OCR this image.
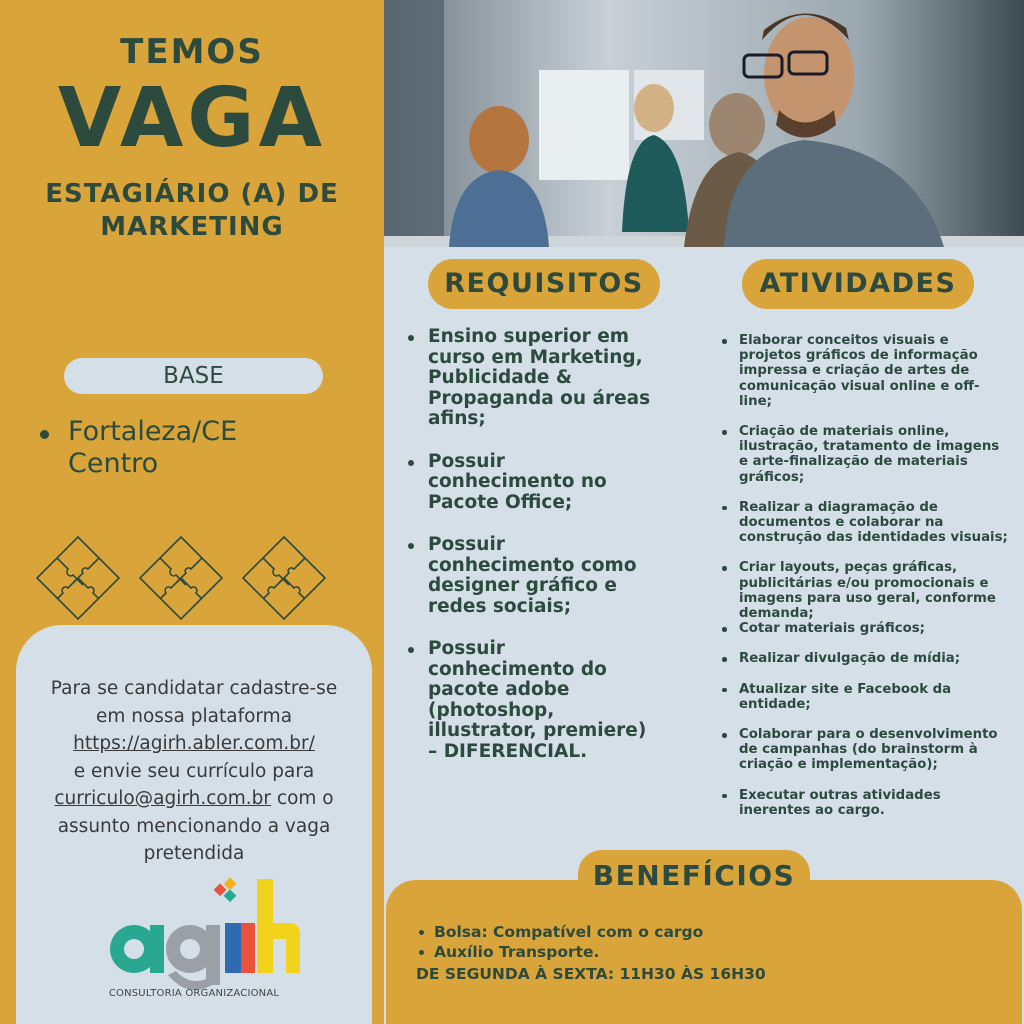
TEMOS
VAGA
ESTAGIÁRIO (A) DE
MARKETING
BASE
Fortaleza/CE
Centro
Para se candidatar cadastre-se
em nossa plataforma
https://agirh.abler.com.br/
e envie seu currículo para
curriculo@agirh.com.br com o
assunto mencionando a vaga
pretendida
CONSULTORIA ORGANIZACIONAL
REQUISITOS	ATIVIDADES
Ensino superior em curso em Marketing, Publicidade & Propaganda ou áreas afins;
Possuir conhecimento no Pacote Office;
Possuir conhecimento como designer gráfico e redes sociais;
Possuir conhecimento do pacote adobe (photoshop, illustrator, premiere) – DIFERENCIAL.
Elaborar conceitos visuais e projetos gráficos de informação impressa e criação de artes de comunicação visual online e off-line;
Criação de materiais online, ilustração, tratamento de imagens e arte-finalização de materiais gráficos;
Realizar a diagramação de documentos e colaborar na construção das identidades visuais;
Criar layouts, peças gráficas, publicitárias e/ou promocionais e imagens para uso geral, conforme demanda;
Cotar materiais gráficos;
Realizar divulgação de mídia;
Atualizar site e Facebook da entidade;
Colaborar para o desenvolvimento de campanhas (do brainstorm à criação e implementação);
Executar outras atividades inerentes ao cargo.
BENEFÍCIOS
Bolsa: Compatível com o cargo
Auxílio Transporte.
DE SEGUNDA À SEXTA: 11H30 ÀS 16H30
